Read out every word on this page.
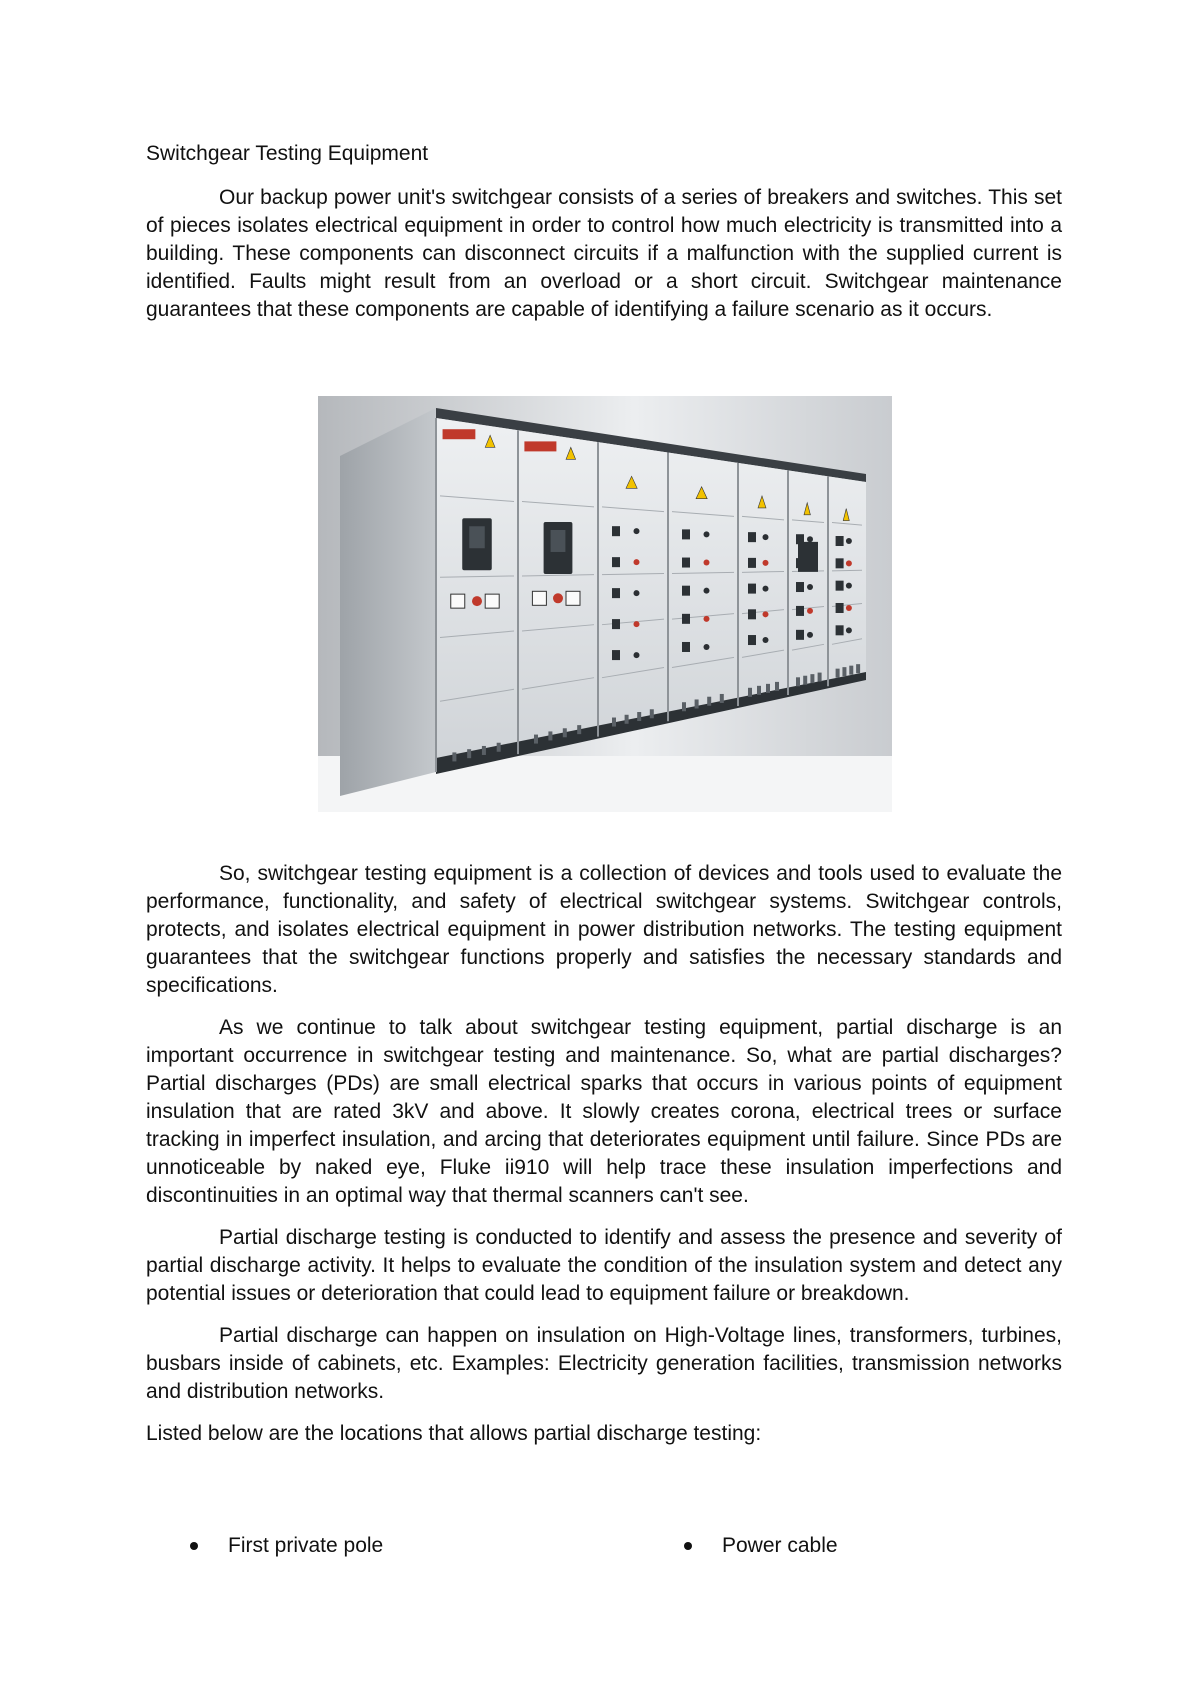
Switchgear Testing Equipment

Our backup power unit's switchgear consists of a series of breakers and switches. This set of pieces isolates electrical equipment in order to control how much electricity is transmitted into a building. These components can disconnect circuits if a malfunction with the supplied current is identified. Faults might result from an overload or a short circuit. Switchgear maintenance guarantees that these components are capable of identifying a failure scenario as it occurs.

So, switchgear testing equipment is a collection of devices and tools used to evaluate the performance, functionality, and safety of electrical switchgear systems. Switchgear controls, protects, and isolates electrical equipment in power distribution networks. The testing equipment guarantees that the switchgear functions properly and satisfies the necessary standards and specifications.

As we continue to talk about switchgear testing equipment, partial discharge is an important occurrence in switchgear testing and maintenance. So, what are partial discharges? Partial discharges (PDs) are small electrical sparks that occurs in various points of equipment insulation that are rated 3kV and above. It slowly creates corona, electrical trees or surface tracking in imperfect insulation, and arcing that deteriorates equipment until failure. Since PDs are unnoticeable by naked eye, Fluke ii910 will help trace these insulation imperfections and discontinuities in an optimal way that thermal scanners can't see.

Partial discharge testing is conducted to identify and assess the presence and severity of partial discharge activity. It helps to evaluate the condition of the insulation system and detect any potential issues or deterioration that could lead to equipment failure or breakdown.

Partial discharge can happen on insulation on High-Voltage lines, transformers, turbines, busbars inside of cabinets, etc. Examples: Electricity generation facilities, transmission networks and distribution networks.

Listed below are the locations that allows partial discharge testing:

First private pole	Power cable
